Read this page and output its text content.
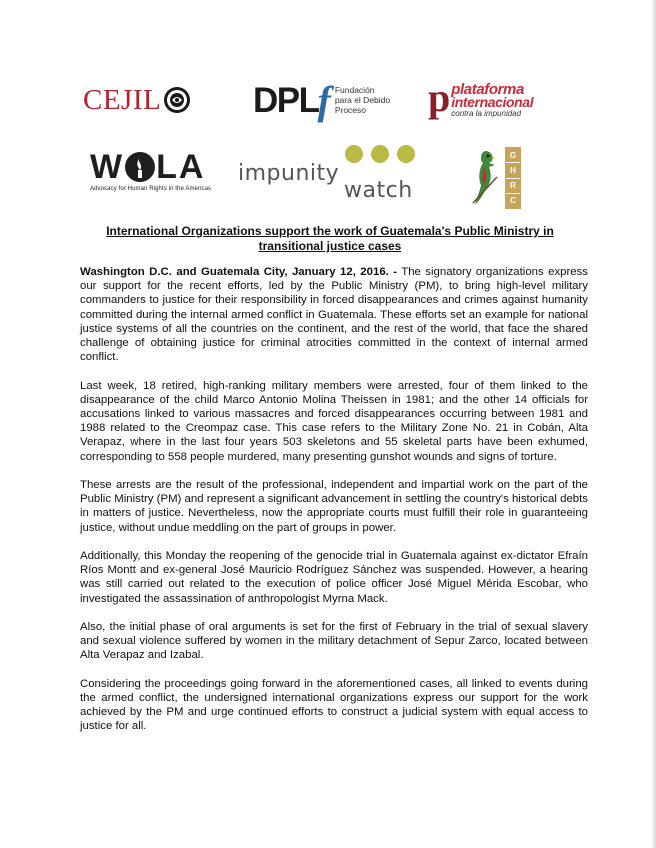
CEJIL	DPL f Fundación
para el Debido
Proceso	p plataforma
internacional
contra la impunidad
W LA
Advocacy for Human Rights in the Americas
impunity
watch
G
H
R
C
International Organizations support the work of Guatemala's Public Ministry in transitional justice cases

Washington D.C. and Guatemala City, January 12, 2016. - The signatory organizations express our support for the recent efforts, led by the Public Ministry (PM), to bring high-level military commanders to justice for their responsibility in forced disappearances and crimes against humanity committed during the internal armed conflict in Guatemala. These efforts set an example for national justice systems of all the countries on the continent, and the rest of the world, that face the shared challenge of obtaining justice for criminal atrocities committed in the context of internal armed conflict.

Last week, 18 retired, high-ranking military members were arrested, four of them linked to the disappearance of the child Marco Antonio Molina Theissen in 1981; and the other 14 officials for accusations linked to various massacres and forced disappearances occurring between 1981 and 1988 related to the Creompaz case. This case refers to the Military Zone No. 21 in Cobán, Alta Verapaz, where in the last four years 503 skeletons and 55 skeletal parts have been exhumed, corresponding to 558 people murdered, many presenting gunshot wounds and signs of torture.

These arrests are the result of the professional, independent and impartial work on the part of the Public Ministry (PM) and represent a significant advancement in settling the country's historical debts in matters of justice. Nevertheless, now the appropriate courts must fulfill their role in guaranteeing justice, without undue meddling on the part of groups in power.

Additionally, this Monday the reopening of the genocide trial in Guatemala against ex-dictator Efraín Ríos Montt and ex-general José Mauricio Rodríguez Sánchez was suspended. However, a hearing was still carried out related to the execution of police officer José Miguel Mérida Escobar, who investigated the assassination of anthropologist Myrna Mack.

Also, the initial phase of oral arguments is set for the first of February in the trial of sexual slavery and sexual violence suffered by women in the military detachment of Sepur Zarco, located between Alta Verapaz and Izabal.

Considering the proceedings going forward in the aforementioned cases, all linked to events during the armed conflict, the undersigned international organizations express our support for the work achieved by the PM and urge continued efforts to construct a judicial system with equal access to justice for all.
